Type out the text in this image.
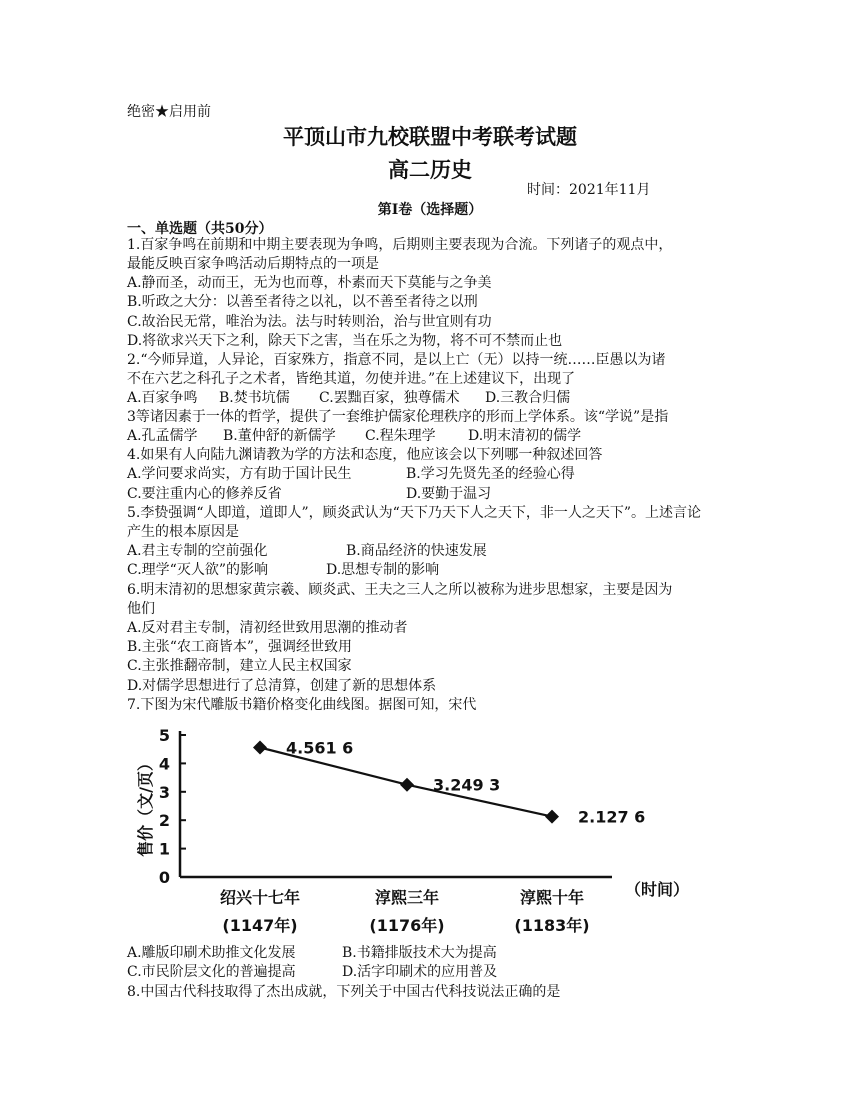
绝密★启用前
平顶山市九校联盟中考联考试题
高二历史
时间：2021年11月
第I卷（选择题）
一、单选题（共50分）
1.百家争鸣在前期和中期主要表现为争鸣，后期则主要表现为合流。下列诸子的观点中，
最能反映百家争鸣活动后期特点的一项是
A.静而圣，动而王，无为也而尊，朴素而天下莫能与之争美
B.听政之大分：以善至者待之以礼，以不善至者待之以刑
C.故治民无常，唯治为法。法与时转则治，治与世宜则有功
D.将欲求兴天下之利，除天下之害，当在乐之为物，将不可不禁而止也
2.“今师异道，人异论，百家殊方，指意不同，是以上亡（无）以持一统……臣愚以为诸
不在六艺之科孔子之术者，皆绝其道，勿使并进。”在上述建议下，出现了
A.百家争鸣 B.焚书坑儒 C.罢黜百家，独尊儒术 D.三教合归儒
3等诸因素于一体的哲学，提供了一套维护儒家伦理秩序的形而上学体系。该“学说”是指
A.孔孟儒学 B.董仲舒的新儒学 C.程朱理学 D.明末清初的儒学
4.如果有人向陆九渊请教为学的方法和态度，他应该会以下列哪一种叙述回答
A.学问要求尚实，方有助于国计民生	B.学习先贤先圣的经验心得
C.要注重内心的修养反省	D.要勤于温习
5.李贽强调“人即道，道即人”，顾炎武认为“天下乃天下人之天下，非一人之天下”。上述言论
产生的根本原因是
A.君主专制的空前强化	B.商品经济的快速发展
C.理学“灭人欲”的影响	D.思想专制的影响
6.明末清初的思想家黄宗羲、顾炎武、王夫之三人之所以被称为进步思想家，主要是因为
他们
A.反对君主专制，清初经世致用思潮的推动者
B.主张“农工商皆本”，强调经世致用
C.主张推翻帝制，建立人民主权国家
D.对儒学思想进行了总清算，创建了新的思想体系
7.下图为宋代雕版书籍价格变化曲线图。据图可知，宋代
0
1
2
3
4
5
售价（文/页）
绍兴十七年
(1147年)
淳熙三年
(1176年)
淳熙十年
(1183年)
（时间）
4.561 6
3.249 3
2.127 6
A.雕版印刷术助推文化发展	B.书籍排版技术大为提高
C.市民阶层文化的普遍提高	D.活字印刷术的应用普及
8.中国古代科技取得了杰出成就，下列关于中国古代科技说法正确的是
